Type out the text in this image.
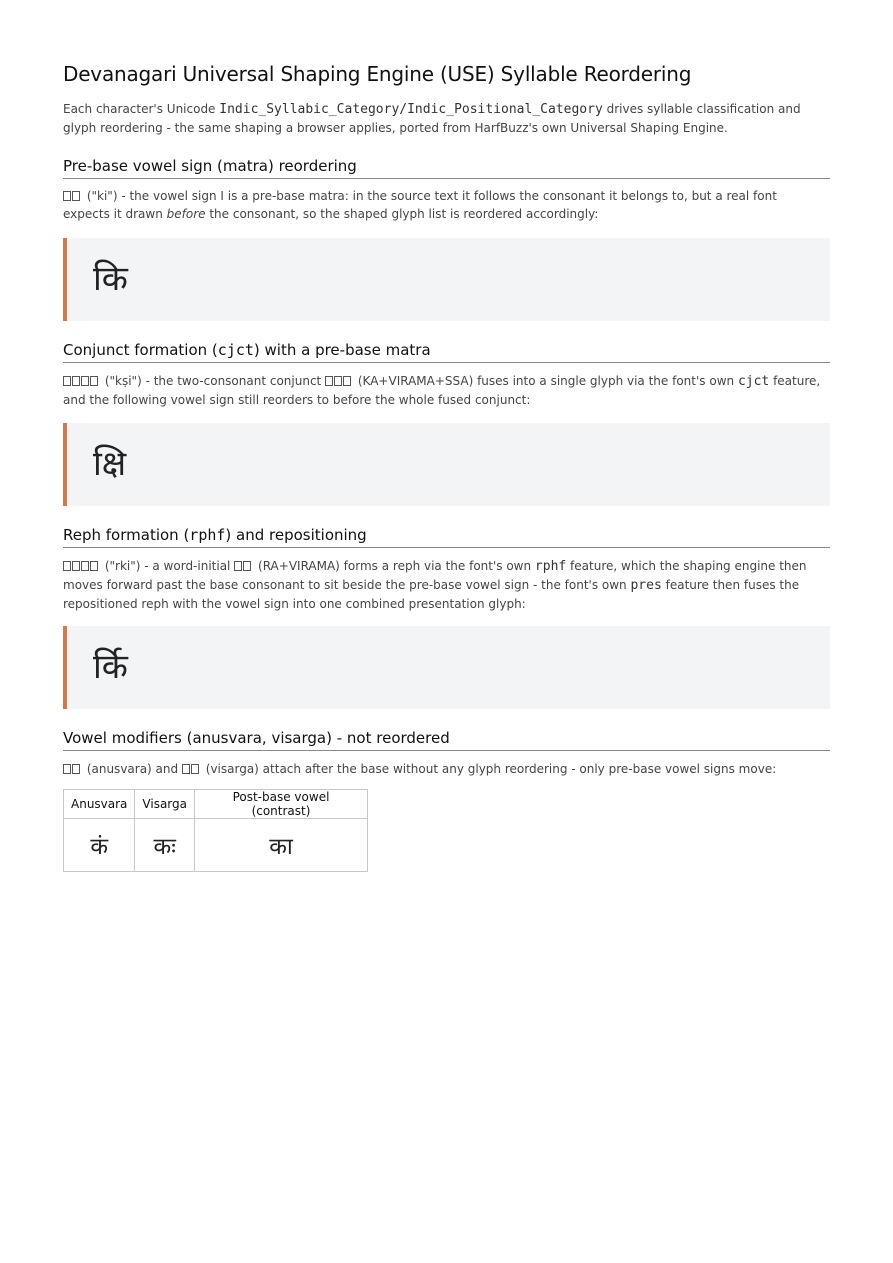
Devanagari Universal Shaping Engine (USE) Syllable Reordering

Each character's Unicode Indic_Syllabic_Category/Indic_Positional_Category drives syllable classification and glyph reordering - the same shaping a browser applies, ported from HarfBuzz's own Universal Shaping Engine.

Pre-base vowel sign (matra) reordering

("ki") - the vowel sign I is a pre-base matra: in the source text it follows the consonant it belongs to, but a real font expects it drawn before the consonant, so the shaped glyph list is reordered accordingly:

कि
Conjunct formation (cjct) with a pre-base matra

("kṣi") - the two-consonant conjunct  (KA+VIRAMA+SSA) fuses into a single glyph via the font's own cjct feature, and the following vowel sign still reorders to before the whole fused conjunct:

क्षि
Reph formation (rphf) and repositioning

("rki") - a word-initial  (RA+VIRAMA) forms a reph via the font's own rphf feature, which the shaping engine then moves forward past the base consonant to sit beside the pre-base vowel sign - the font's own pres feature then fuses the repositioned reph with the vowel sign into one combined presentation glyph:

र्कि
Vowel modifiers (anusvara, visarga) - not reordered

(anusvara) and  (visarga) attach after the base without any glyph reordering - only pre-base vowel signs move:

Anusvara	Visarga	Post-base vowel (contrast)
कं	कः	का
